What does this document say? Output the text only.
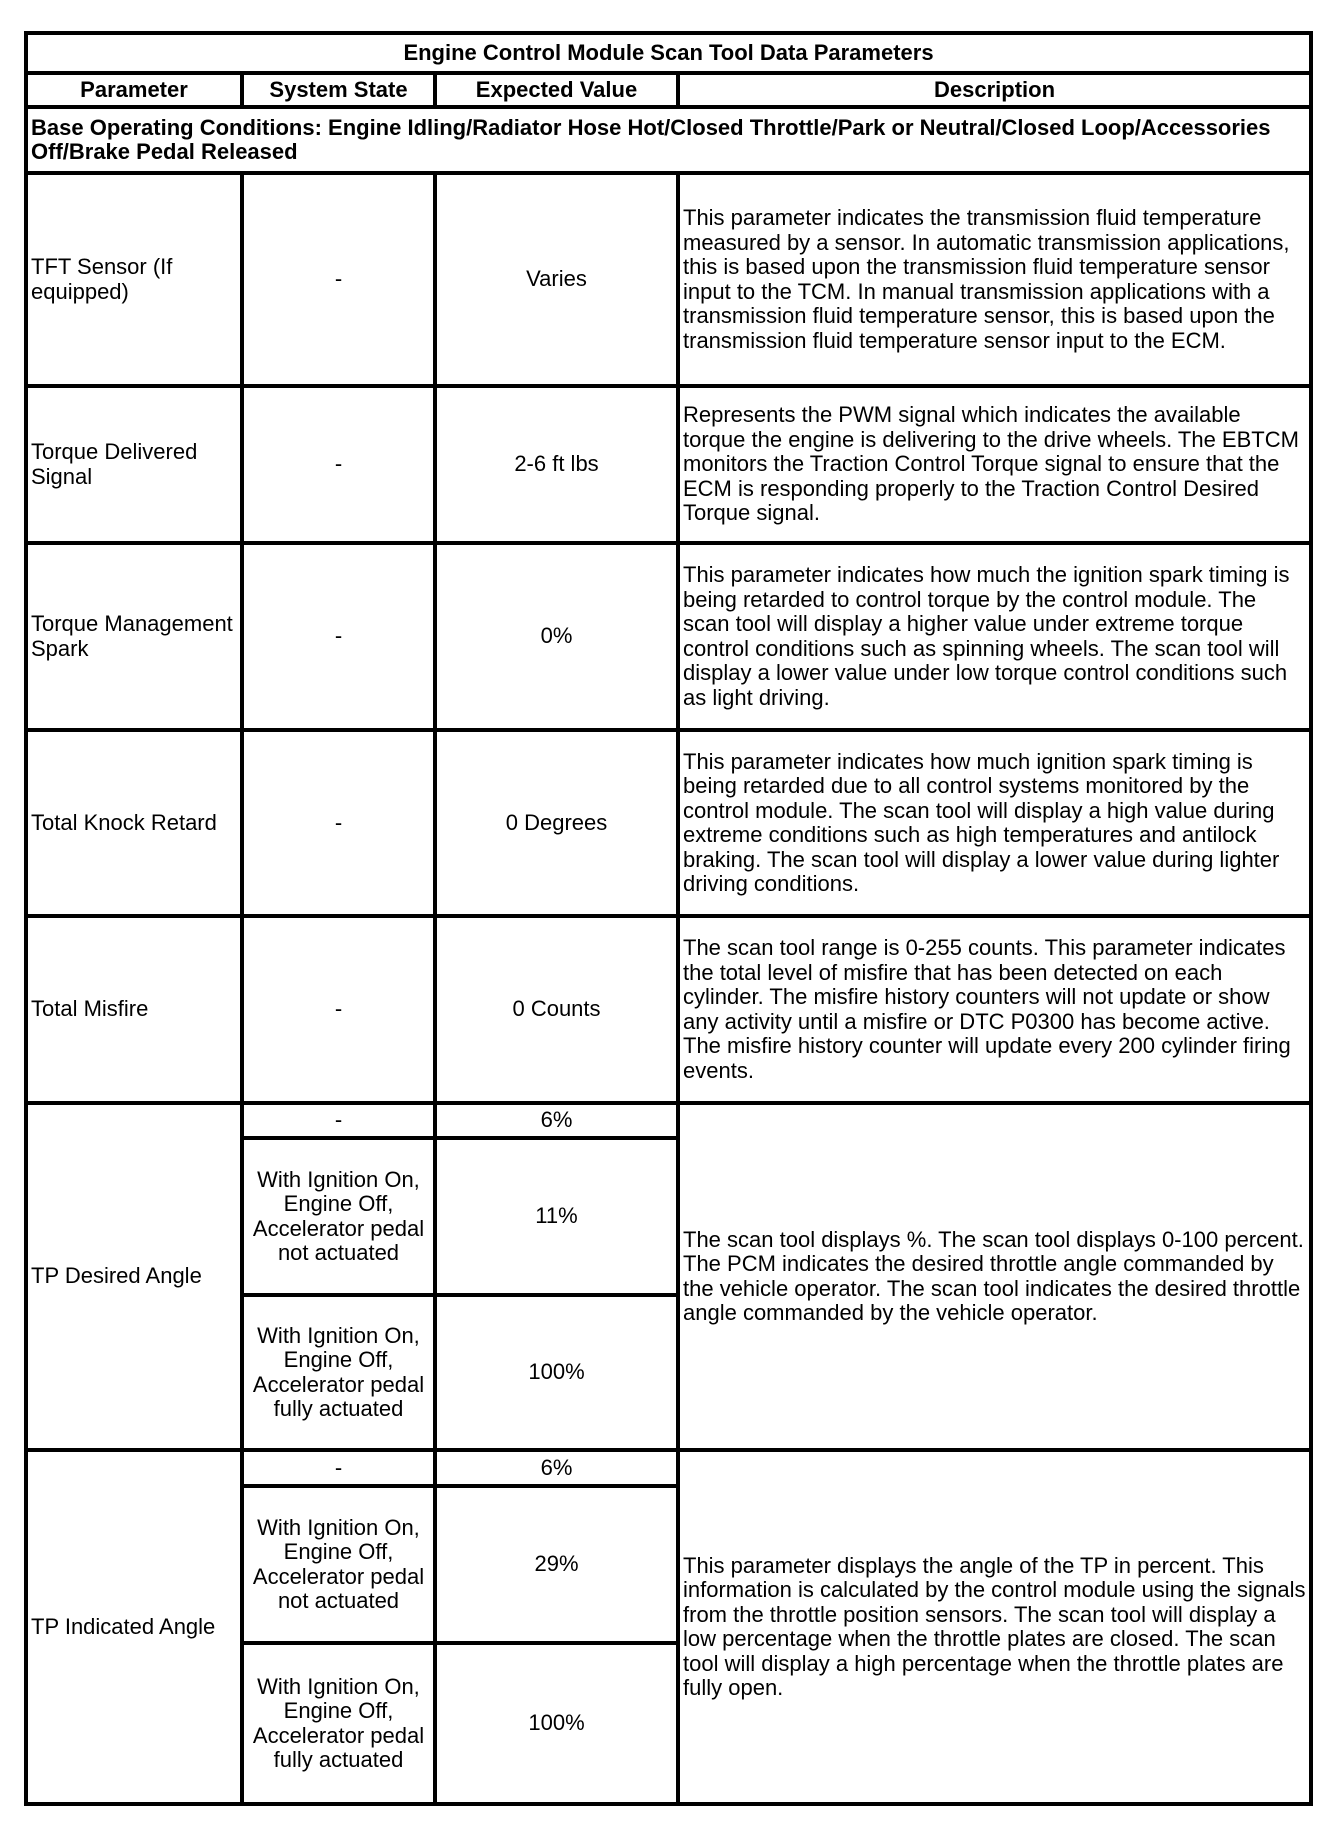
Engine Control Module Scan Tool Data Parameters			
Parameter	System State	Expected Value	Description
Base Operating Conditions: Engine Idling/Radiator Hose Hot/Closed Throttle/Park or Neutral/Closed Loop/Accessories Off/Brake Pedal Released			
TFT Sensor (If equipped)	-	Varies	This parameter indicates the transmission fluid temperature measured by a sensor. In automatic transmission applications, this is based upon the transmission fluid temperature sensor input to the TCM. In manual transmission applications with a transmission fluid temperature sensor, this is based upon the transmission fluid temperature sensor input to the ECM.
Torque Delivered Signal	-	2-6 ft lbs	Represents the PWM signal which indicates the available torque the engine is delivering to the drive wheels. The EBTCM monitors the Traction Control Torque signal to ensure that the ECM is responding properly to the Traction Control Desired Torque signal.
Torque Management Spark	-	0%	This parameter indicates how much the ignition spark timing is being retarded to control torque by the control module. The scan tool will display a higher value under extreme torque control conditions such as spinning wheels. The scan tool will display a lower value under low torque control conditions such as light driving.
Total Knock Retard	-	0 Degrees	This parameter indicates how much ignition spark timing is being retarded due to all control systems monitored by the control module. The scan tool will display a high value during extreme conditions such as high temperatures and antilock braking. The scan tool will display a lower value during lighter driving conditions.
Total Misfire	-	0 Counts	The scan tool range is 0-255 counts. This parameter indicates the total level of misfire that has been detected on each cylinder. The misfire history counters will not update or show any activity until a misfire or DTC P0300 has become active. The misfire history counter will update every 200 cylinder firing events.
TP Desired Angle	-	6%	The scan tool displays %. The scan tool displays 0-100 percent. The PCM indicates the desired throttle angle commanded by the vehicle operator. The scan tool indicates the desired throttle angle commanded by the vehicle operator.
	With Ignition On, Engine Off, Accelerator pedal not actuated	11%	
	With Ignition On, Engine Off, Accelerator pedal fully actuated	100%	
TP Indicated Angle	-	6%	This parameter displays the angle of the TP in percent. This information is calculated by the control module using the signals from the throttle position sensors. The scan tool will display a low percentage when the throttle plates are closed. The scan tool will display a high percentage when the throttle plates are fully open.
	With Ignition On, Engine Off, Accelerator pedal not actuated	29%	
	With Ignition On, Engine Off, Accelerator pedal fully actuated	100%	
